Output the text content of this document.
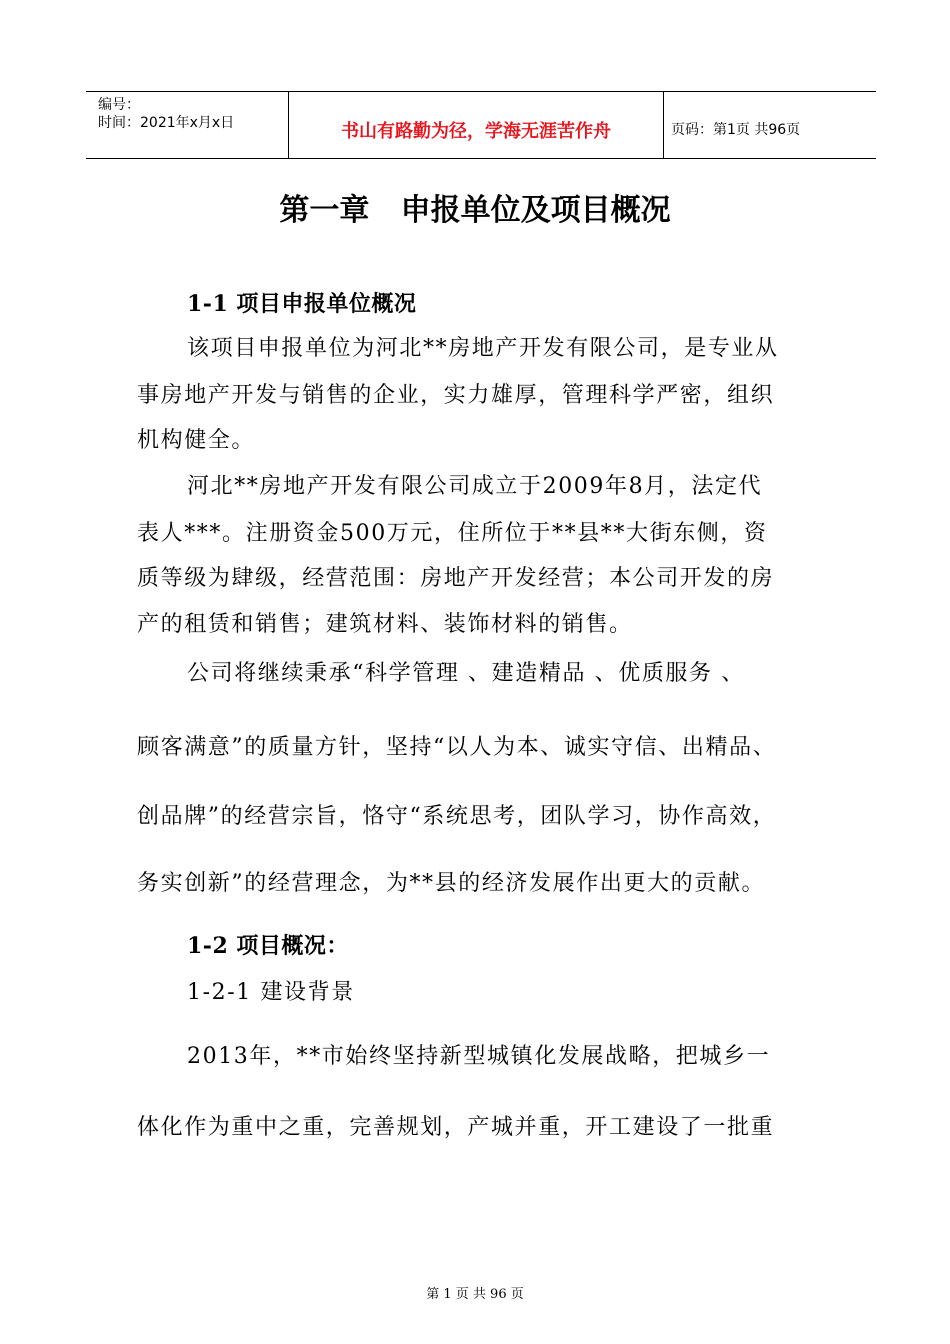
编号：
时间：2021年x月x日	书山有路勤为径，学海无涯苦作舟	页码：第1页 共96页
第一章   申报单位及项目概况
1-1 项目申报单位概况
该项目申报单位为河北**房地产开发有限公司，是专业从
事房地产开发与销售的企业，实力雄厚，管理科学严密，组织
机构健全。
河北**房地产开发有限公司成立于2009年8月，法定代
表人***。注册资金500万元，住所位于**县**大街东侧，资
质等级为肆级，经营范围：房地产开发经营；本公司开发的房
产的租赁和销售；建筑材料、装饰材料的销售。
公司将继续秉承“科学管理 、建造精品 、优质服务 、
顾客满意”的质量方针，坚持“以人为本、诚实守信、出精品、
创品牌”的经营宗旨，恪守“系统思考，团队学习，协作高效，
务实创新”的经营理念，为**县的经济发展作出更大的贡献。
1-2 项目概况：
1-2-1 建设背景
2013年，**市始终坚持新型城镇化发展战略，把城乡一
体化作为重中之重，完善规划，产城并重，开工建设了一批重
第 1 页 共 96 页
